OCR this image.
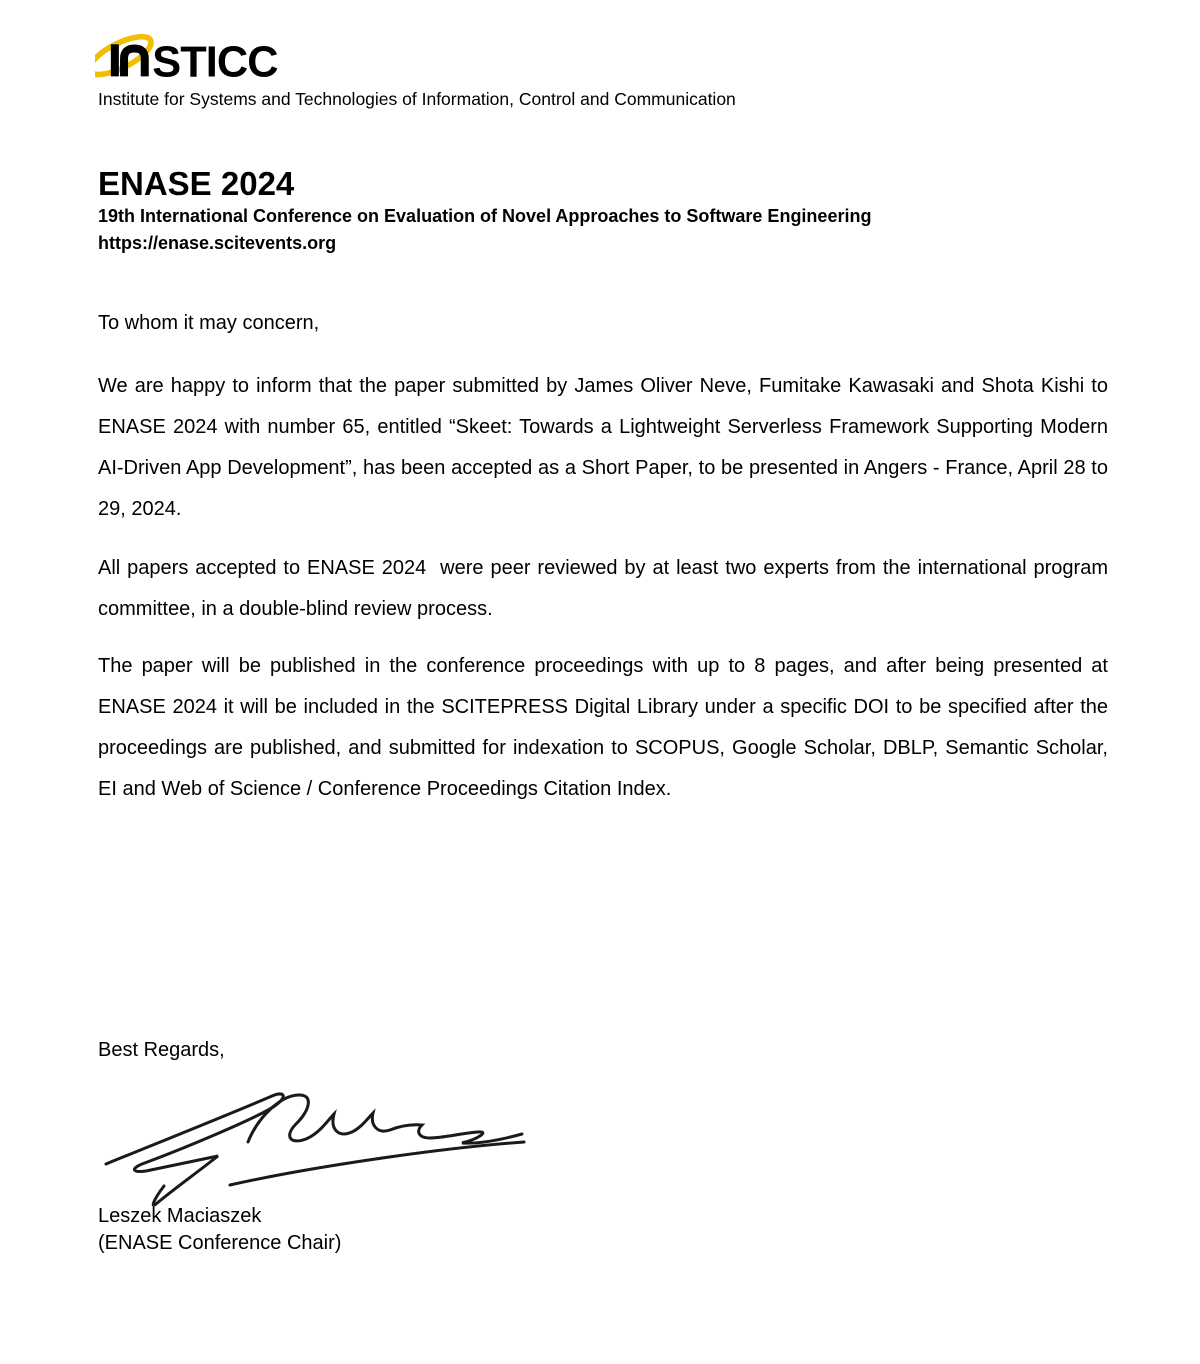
STICC
Institute for Systems and Technologies of Information, Control and Communication
ENASE 2024
19th International Conference on Evaluation of Novel Approaches to Software Engineering
https://enase.scitevents.org
To whom it may concern,

We are happy to inform that the paper submitted by James Oliver Neve, Fumitake Kawasaki and Shota Kishi to ENASE 2024 with number 65, entitled “Skeet: Towards a Lightweight Serverless Framework Supporting Modern AI-Driven App Development”, has been accepted as a Short Paper, to be presented in Angers - France, April 28 to 29, 2024.

All papers accepted to ENASE 2024  were peer reviewed by at least two experts from the international program committee, in a double-blind review process.

The paper will be published in the conference proceedings with up to 8 pages, and after being presented at ENASE 2024 it will be included in the SCITEPRESS Digital Library under a specific DOI to be specified after the proceedings are published, and submitted for indexation to SCOPUS, Google Scholar, DBLP, Semantic Scholar, EI and Web of Science / Conference Proceedings Citation Index.

Best Regards,
Leszek Maciaszek
(ENASE Conference Chair)
